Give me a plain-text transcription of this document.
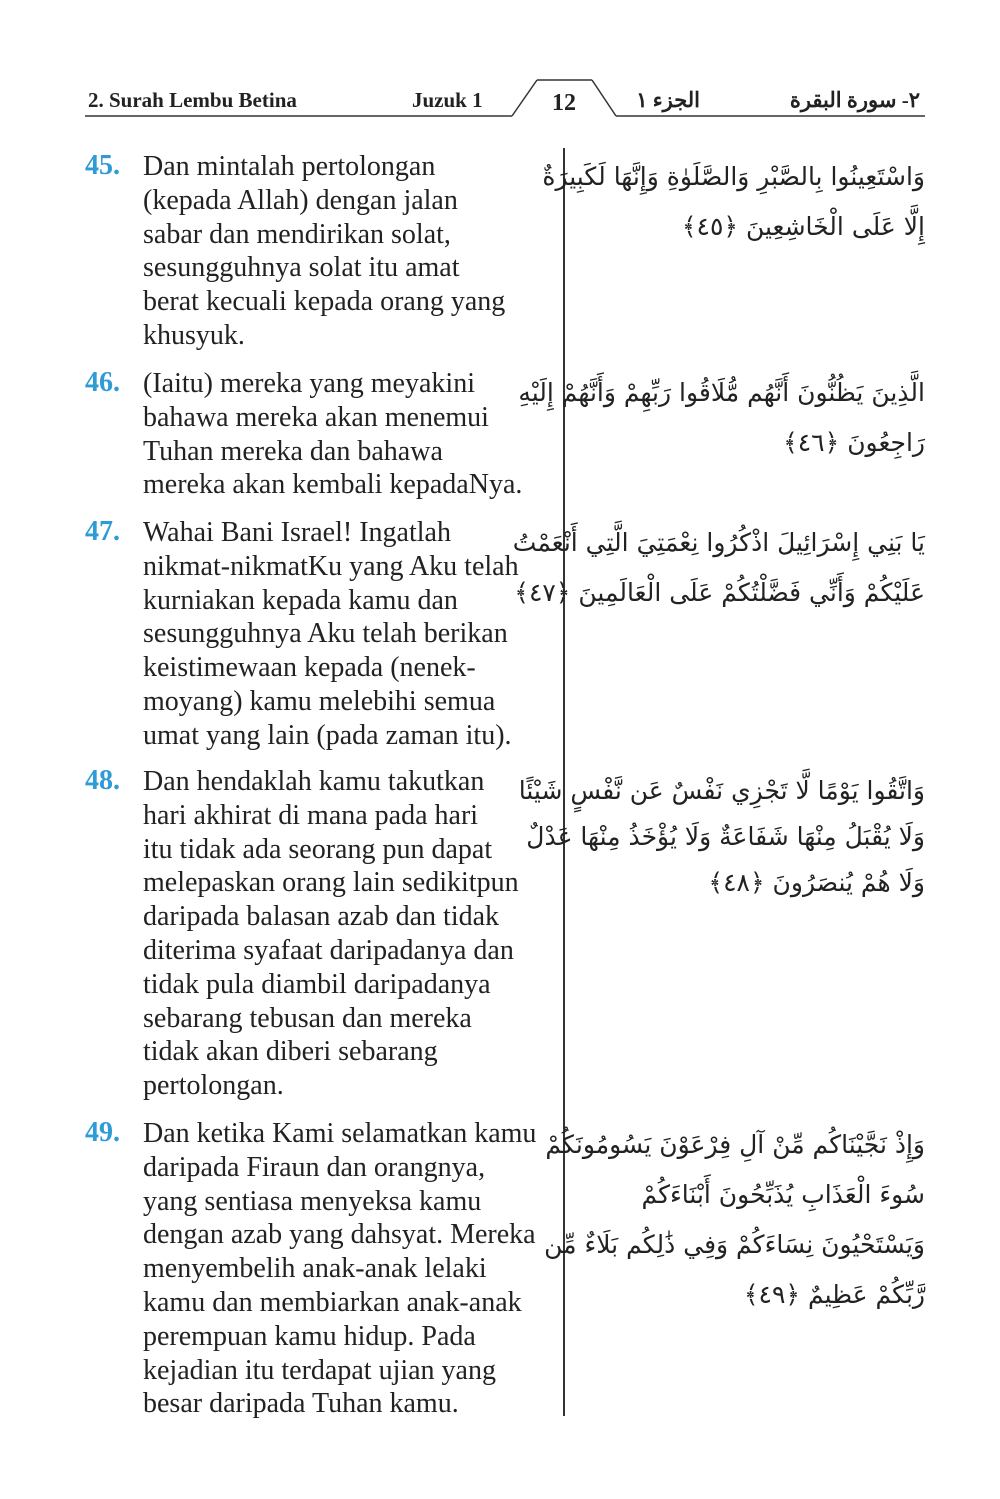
2. Surah Lembu Betina	Juzuk 1	12	الجزء ١	٢- سورة البقرة
45. Dan mintalah pertolongan
(kepada Allah) dengan jalan
sabar dan mendirikan solat,
sesungguhnya solat itu amat
berat kecuali kepada orang yang
khusyuk.
وَاسْتَعِينُوا بِالصَّبْرِ وَالصَّلَوٰةِ وَإِنَّهَا لَكَبِيرَةٌ
إِلَّا عَلَى الْخَاشِعِينَ ﴿٤٥﴾
46. (Iaitu) mereka yang meyakini
bahawa mereka akan menemui
Tuhan mereka dan bahawa
mereka akan kembali kepadaNya.
الَّذِينَ يَظُنُّونَ أَنَّهُم مُّلَاقُوا رَبِّهِمْ وَأَنَّهُمْ إِلَيْهِ
رَاجِعُونَ ﴿٤٦﴾
47. Wahai Bani Israel! Ingatlah
nikmat-nikmatKu yang Aku telah
kurniakan kepada kamu dan
sesungguhnya Aku telah berikan
keistimewaan kepada (nenek-
moyang) kamu melebihi semua
umat yang lain (pada zaman itu).
يَا بَنِي إِسْرَائِيلَ اذْكُرُوا نِعْمَتِيَ الَّتِي أَنْعَمْتُ
عَلَيْكُمْ وَأَنِّي فَضَّلْتُكُمْ عَلَى الْعَالَمِينَ ﴿٤٧﴾
48. Dan hendaklah kamu takutkan
hari akhirat di mana pada hari
itu tidak ada seorang pun dapat
melepaskan orang lain sedikitpun
daripada balasan azab dan tidak
diterima syafaat daripadanya dan
tidak pula diambil daripadanya
sebarang tebusan dan mereka
tidak akan diberi sebarang
pertolongan.
وَاتَّقُوا يَوْمًا لَّا تَجْزِي نَفْسٌ عَن نَّفْسٍ شَيْئًا
وَلَا يُقْبَلُ مِنْهَا شَفَاعَةٌ وَلَا يُؤْخَذُ مِنْهَا عَدْلٌ
وَلَا هُمْ يُنصَرُونَ ﴿٤٨﴾
49. Dan ketika Kami selamatkan kamu
daripada Firaun dan orangnya,
yang sentiasa menyeksa kamu
dengan azab yang dahsyat. Mereka
menyembelih anak-anak lelaki
kamu dan membiarkan anak-anak
perempuan kamu hidup. Pada
kejadian itu terdapat ujian yang
besar daripada Tuhan kamu.
وَإِذْ نَجَّيْنَاكُم مِّنْ آلِ فِرْعَوْنَ يَسُومُونَكُمْ
سُوءَ الْعَذَابِ يُذَبِّحُونَ أَبْنَاءَكُمْ
وَيَسْتَحْيُونَ نِسَاءَكُمْ وَفِي ذَٰلِكُم بَلَاءٌ مِّن
رَّبِّكُمْ عَظِيمٌ ﴿٤٩﴾
